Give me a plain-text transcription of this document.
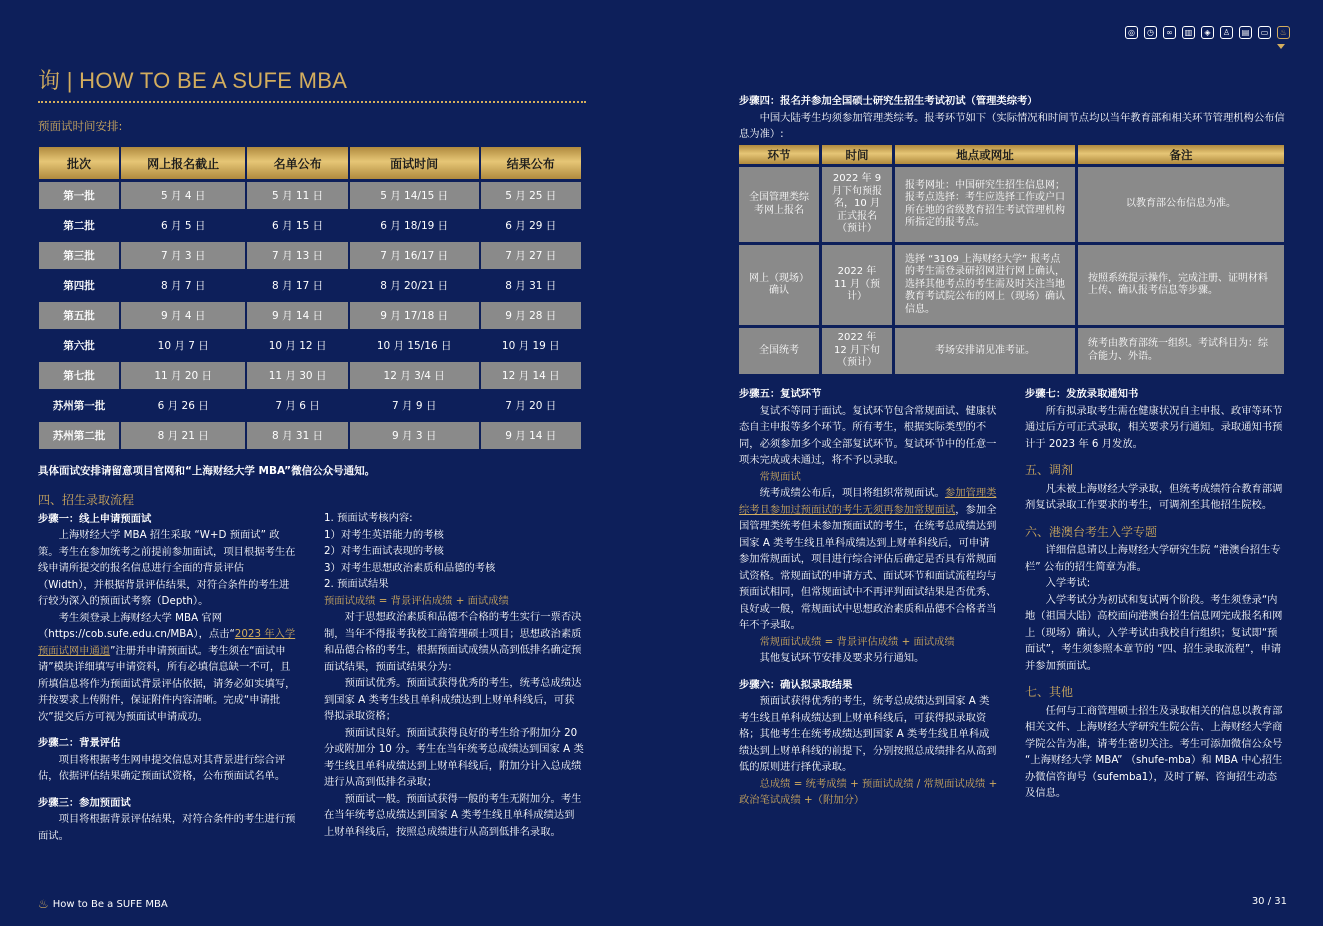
询 | HOW TO BE A SUFE MBA
◎	◷	∞	▥	◈	♙	▤	▭	♨
预面试时间安排:
批次	网上报名截止	名单公布	面试时间	结果公布
第一批	5 月 4 日	5 月 11 日	5 月 14/15 日	5 月 25 日
第二批	6 月 5 日	6 月 15 日	6 月 18/19 日	6 月 29 日
第三批	7 月 3 日	7 月 13 日	7 月 16/17 日	7 月 27 日
第四批	8 月 7 日	8 月 17 日	8 月 20/21 日	8 月 31 日
第五批	9 月 4 日	9 月 14 日	9 月 17/18 日	9 月 28 日
第六批	10 月 7 日	10 月 12 日	10 月 15/16 日	10 月 19 日
第七批	11 月 20 日	11 月 30 日	12 月 3/4 日	12 月 14 日
苏州第一批	6 月 26 日	7 月 6 日	7 月 9 日	7 月 20 日
苏州第二批	8 月 21 日	8 月 31 日	9 月 3 日	9 月 14 日
具体面试安排请留意项目官网和“上海财经大学 MBA”微信公众号通知。

四、招生录取流程

步骤一：线上申请预面试

上海财经大学 MBA 招生采取 “W+D 预面试” 政策。考生在参加统考之前提前参加面试，项目根据考生在线申请所提交的报名信息进行全面的背景评估（Width），并根据背景评估结果，对符合条件的考生进行较为深入的预面试考察（Depth）。

考生须登录上海财经大学 MBA 官网（https://cob.sufe.edu.cn/MBA），点击“2023 年入学预面试网申通道”注册并申请预面试。考生须在“面试申请”模块详细填写申请资料，所有必填信息缺一不可，且所填信息将作为预面试背景评估依据，请务必如实填写，并按要求上传附件，保证附件内容清晰。完成“申请批次”提交后方可视为预面试申请成功。

步骤二：背景评估

项目将根据考生网申提交信息对其背景进行综合评估，依据评估结果确定预面试资格，公布预面试名单。

步骤三：参加预面试

项目将根据背景评估结果，对符合条件的考生进行预面试。

1. 预面试考核内容:

1）对考生英语能力的考核

2）对考生面试表现的考核

3）对考生思想政治素质和品德的考核

2. 预面试结果

预面试成绩 = 背景评估成绩 + 面试成绩

对于思想政治素质和品德不合格的考生实行一票否决制，当年不得报考我校工商管理硕士项目；思想政治素质和品德合格的考生，根据预面试成绩从高到低排名确定预面试结果，预面试结果分为：

预面试优秀。预面试获得优秀的考生，统考总成绩达到国家 A 类考生线且单科成绩达到上财单科线后，可获得拟录取资格；

预面试良好。预面试获得良好的考生给予附加分 20 分或附加分 10 分。考生在当年统考总成绩达到国家 A 类考生线且单科成绩达到上财单科线后，附加分计入总成绩进行从高到低排名录取；

预面试一般。预面试获得一般的考生无附加分。考生在当年统考总成绩达到国家 A 类考生线且单科成绩达到上财单科线后，按照总成绩进行从高到低排名录取。

步骤四：报名并参加全国硕士研究生招生考试初试（管理类综考）

中国大陆考生均须参加管理类综考。报考环节如下（实际情况和时间节点均以当年教育部和相关环节管理机构公布信息为准）:

环节	时间	地点或网址	备注
全国管理类综考网上报名	2022 年 9 月下旬预报名，10 月正式报名（预计）	报考网址：中国研究生招生信息网；报考点选择：考生应选择工作或户口所在地的省级教育招生考试管理机构所指定的报考点。	以教育部公布信息为准。
网上（现场）确认	2022 年 11 月（预计）	选择 “3109 上海财经大学” 报考点的考生需登录研招网进行网上确认，选择其他考点的考生需及时关注当地教育考试院公布的网上（现场）确认信息。	按照系统提示操作，完成注册、证明材料上传、确认报考信息等步骤。
全国统考	2022 年 12 月下旬（预计）	考场安排请见准考证。	统考由教育部统一组织。考试科目为：综合能力、外语。

步骤五：复试环节

复试不等同于面试。复试环节包含常规面试、健康状态自主申报等多个环节。所有考生，根据实际类型的不同，必须参加多个或全部复试环节。复试环节中的任意一项未完成或未通过，将不予以录取。

常规面试

统考成绩公布后，项目将组织常规面试。参加管理类综考且参加过预面试的考生无须再参加常规面试，参加全国管理类统考但未参加预面试的考生，在统考总成绩达到国家 A 类考生线且单科成绩达到上财单科线后，可申请参加常规面试，项目进行综合评估后确定是否具有常规面试资格。常规面试的申请方式、面试环节和面试流程均与预面试相同，但常规面试中不再评判面试结果是否优秀、良好或一般，常规面试中思想政治素质和品德不合格者当年不予录取。

常规面试成绩 = 背景评估成绩 + 面试成绩

其他复试环节安排及要求另行通知。

步骤六：确认拟录取结果

预面试获得优秀的考生，统考总成绩达到国家 A 类考生线且单科成绩达到上财单科线后，可获得拟录取资格；其他考生在统考成绩达到国家 A 类考生线且单科成绩达到上财单科线的前提下，分别按照总成绩排名从高到低的原则进行择优录取。

总成绩 = 统考成绩 + 预面试成绩 / 常规面试成绩 + 政治笔试成绩 +（附加分）

步骤七：发放录取通知书

所有拟录取考生需在健康状况自主申报、政审等环节通过后方可正式录取，相关要求另行通知。录取通知书预计于 2023 年 6 月发放。

五、调剂

凡未被上海财经大学录取，但统考成绩符合教育部调剂复试录取工作要求的考生，可调剂至其他招生院校。

六、港澳台考生入学专题

详细信息请以上海财经大学研究生院 “港澳台招生专栏” 公布的招生简章为准。

入学考试:

入学考试分为初试和复试两个阶段。考生须登录“内地（祖国大陆）高校面向港澳台招生信息网完成报名和网上（现场）确认，入学考试由我校自行组织；复试即“预面试”，考生须参照本章节的 “四、招生录取流程”，申请并参加预面试。

七、其他

任何与工商管理硕士招生及录取相关的信息以教育部相关文件、上海财经大学研究生院公告、上海财经大学商学院公告为准，请考生密切关注。考生可添加微信公众号 “上海财经大学 MBA” （shufe-mba）和 MBA 中心招生办微信咨询号（sufemba1），及时了解、咨询招生动态及信息。

♨ How to Be a SUFE MBA	30 / 31
